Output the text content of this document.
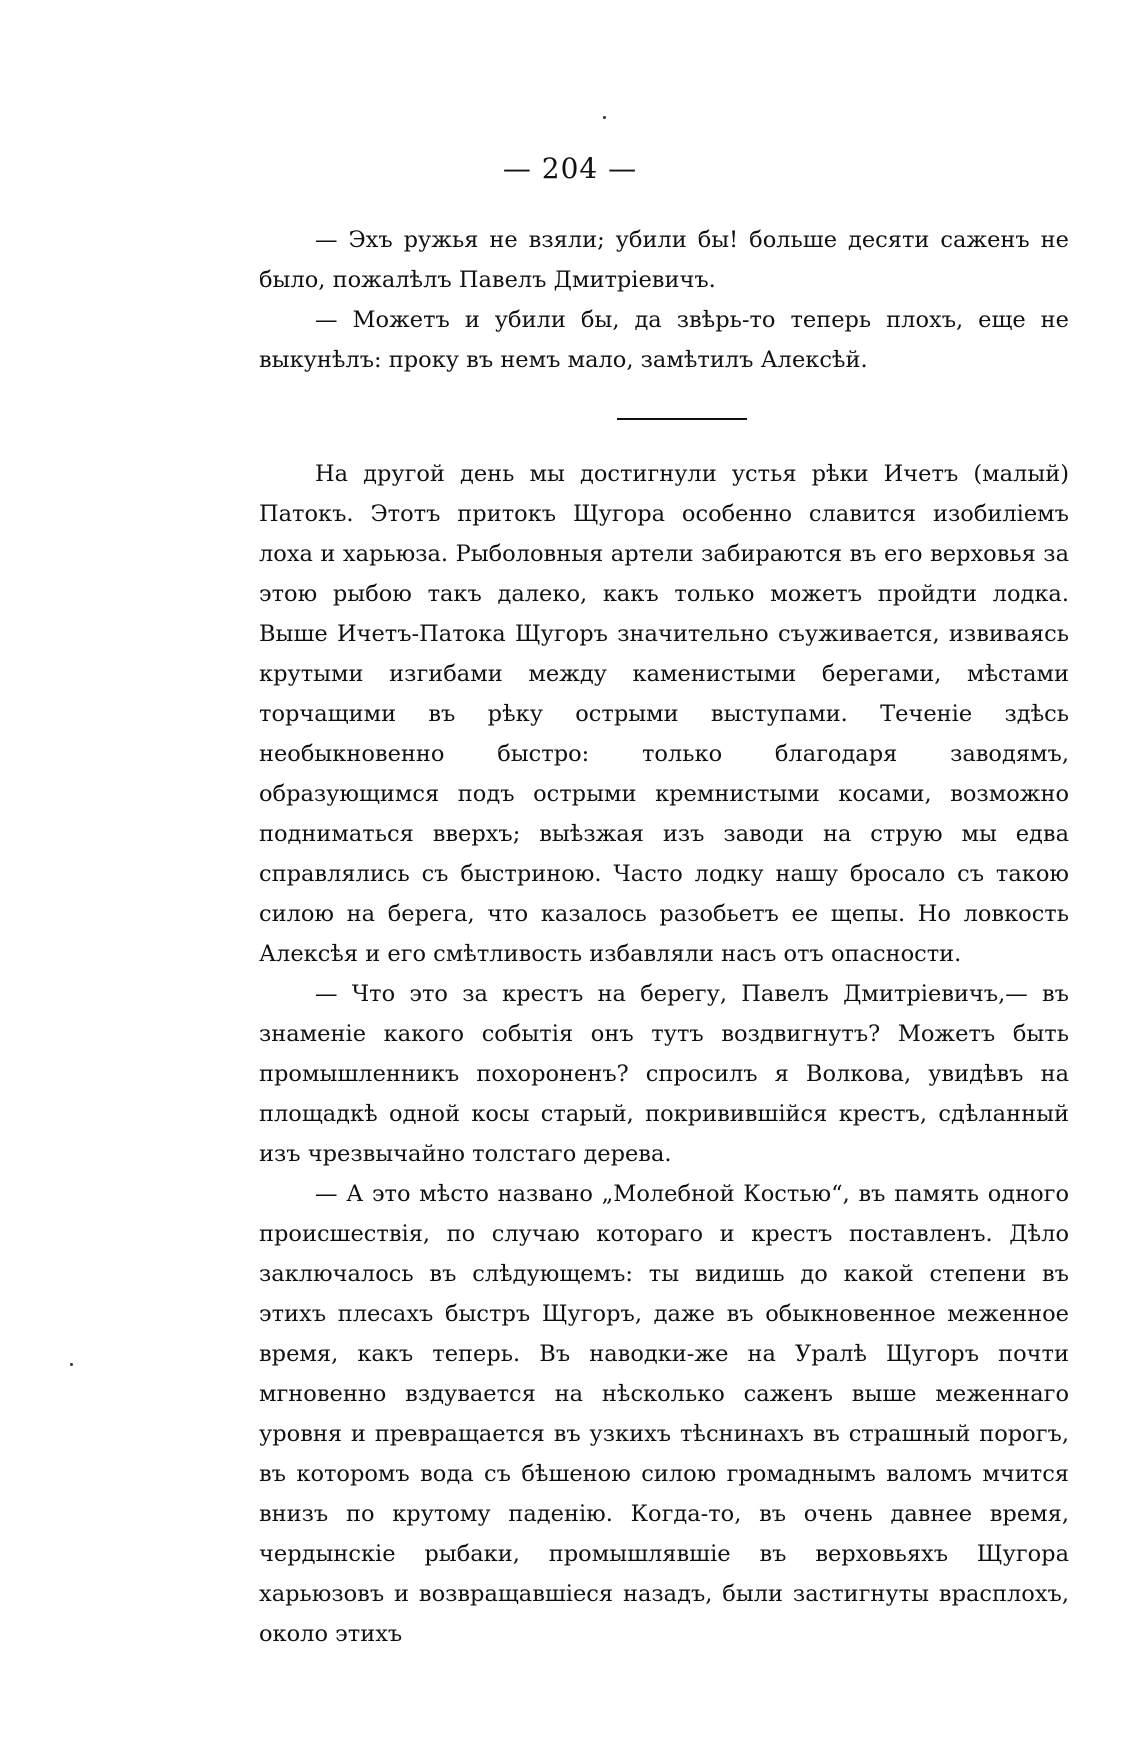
— 204 —

— Эхъ ружья не взяли; убили бы! больше десяти саженъ не было, пожалѣлъ Павелъ Дмитріевичъ.

— Можетъ и убили бы, да звѣрь-то теперь плохъ, еще не выкунѣлъ: проку въ немъ мало, замѣтилъ Алексѣй.

На другой день мы достигнули устья рѣки Ичетъ (малый) Патокъ. Этотъ притокъ Щугора особенно славится изобиліемъ лоха и харьюза. Рыболовныя артели забираются въ его верховья за этою рыбою такъ далеко, какъ только можетъ пройдти лодка. Выше Ичетъ-Патока Щугоръ значительно съуживается, извиваясь крутыми изгибами между каменистыми берегами, мѣстами торчащими въ рѣку острыми выступами. Теченіе здѣсь необыкновенно быстро: только благодаря заводямъ, образующимся подъ острыми кремнистыми косами, возможно подниматься вверхъ; выѣзжая изъ заводи на струю мы едва справлялись съ быстриною. Часто лодку нашу бросало съ такою силою на берега, что казалось разобьетъ ее щепы. Но ловкость Алексѣя и его смѣтливость избавляли насъ отъ опасности.

— Что это за крестъ на берегу, Павелъ Дмитріевичъ,— въ знаменіе какого событія онъ тутъ воздвигнутъ? Можетъ быть промышленникъ похороненъ? спросилъ я Волкова, увидѣвъ на площадкѣ одной косы старый, покривившійся крестъ, сдѣланный изъ чрезвычайно толстаго дерева.

— А это мѣсто названо „Молебной Костью“, въ память одного происшествія, по случаю котораго и крестъ поставленъ. Дѣло заключалось въ слѣдующемъ: ты видишь до какой степени въ этихъ плесахъ быстръ Щугоръ, даже въ обыкновенное меженное время, какъ теперь. Въ наводки-же на Уралѣ Щугоръ почти мгновенно вздувается на нѣсколько саженъ выше меженнаго уровня и превращается въ узкихъ тѣснинахъ въ страшный порогъ, въ которомъ вода съ бѣшеною силою громаднымъ валомъ мчится внизъ по крутому паденію. Когда-то, въ очень давнее время, чердынскіе рыбаки, промышлявшіе въ верховьяхъ Щугора харьюзовъ и возвращавшіеся назадъ, были застигнуты врасплохъ, около этихъ
